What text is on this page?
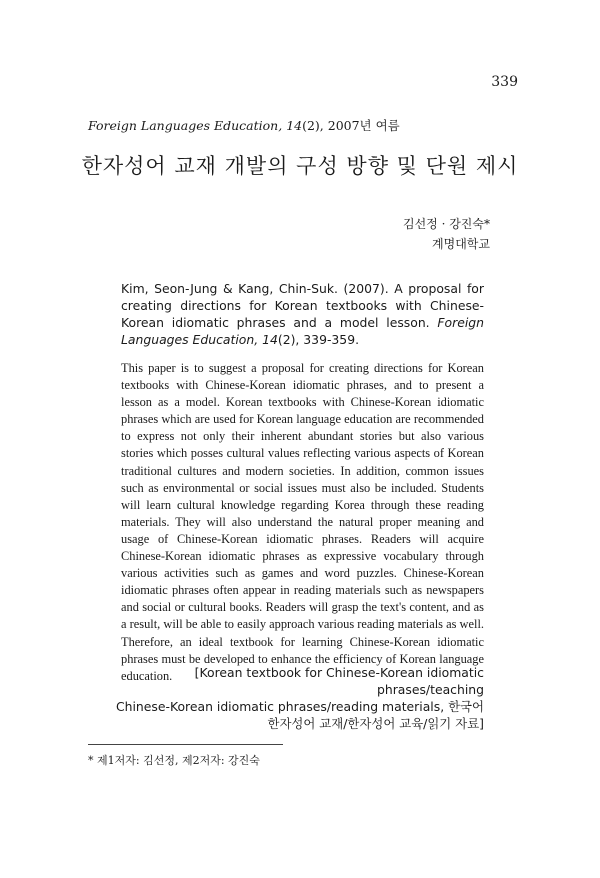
339
Foreign Languages Education, 14(2), 2007년 여름
한자성어 교재 개발의 구성 방향 및 단원 제시
김선정 · 강진숙*
계명대학교
Kim, Seon-Jung & Kang, Chin-Suk. (2007). A proposal for creating directions for Korean textbooks with Chinese-Korean idiomatic phrases and a model lesson. Foreign Languages Education, 14(2), 339-359.
This paper is to suggest a proposal for creating directions for Korean textbooks with Chinese-Korean idiomatic phrases, and to present a lesson as a model. Korean textbooks with Chinese-Korean idiomatic phrases which are used for Korean language education are recommended to express not only their inherent abundant stories but also various stories which posses cultural values reflecting various aspects of Korean traditional cultures and modern societies. In addition, common issues such as environmental or social issues must also be included. Students will learn cultural knowledge regarding Korea through these reading materials. They will also understand the natural proper meaning and usage of Chinese-Korean idiomatic phrases. Readers will acquire Chinese-Korean idiomatic phrases as expressive vocabulary through various activities such as games and word puzzles. Chinese-Korean idiomatic phrases often appear in reading materials such as newspapers and social or cultural books. Readers will grasp the text's content, and as a result, will be able to easily approach various reading materials as well. Therefore, an ideal textbook for learning Chinese-Korean idiomatic phrases must be developed to enhance the efficiency of Korean language education.	[Korean textbook for Chinese-Korean idiomatic phrases/teaching
Chinese-Korean idiomatic phrases/reading materials, 한국어
한자성어 교재/한자성어 교육/읽기 자료]
* 제1저자: 김선정, 제2저자: 강진숙
